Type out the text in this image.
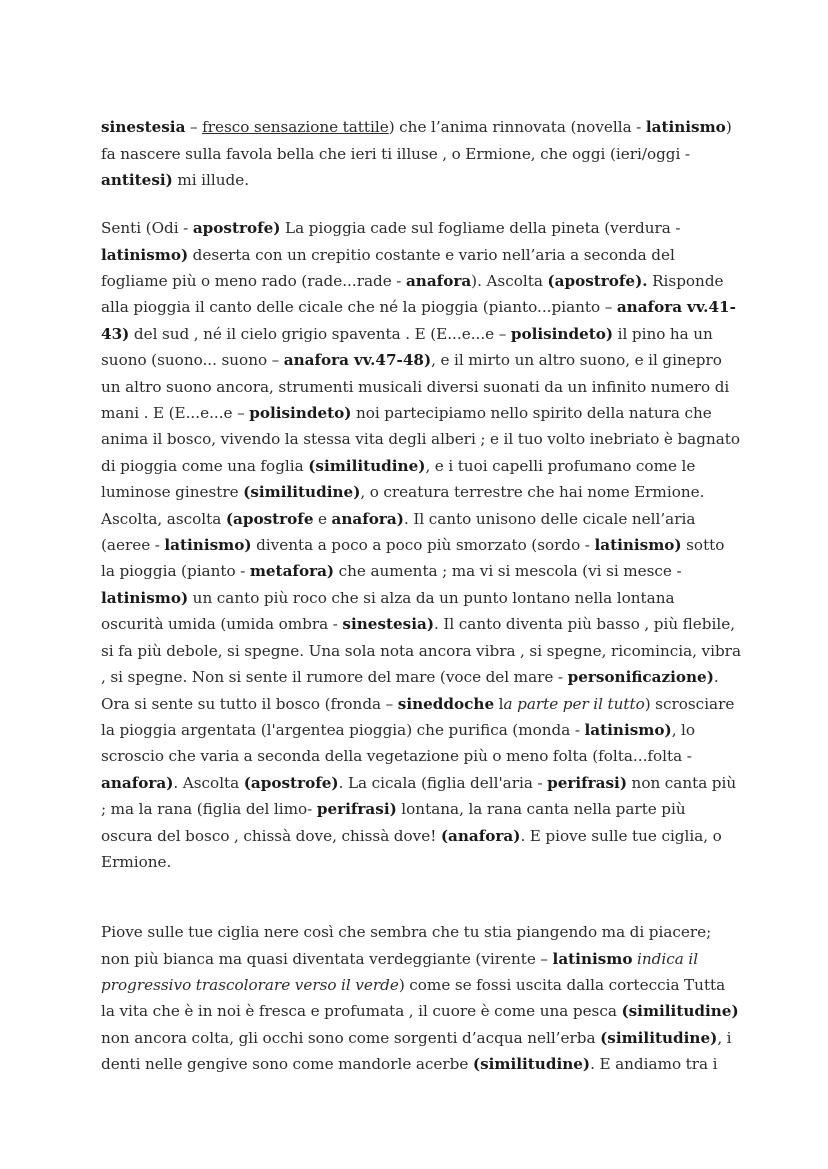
sinestesia – fresco sensazione tattile) che l’anima rinnovata (novella - latinismo) fa nascere sulla favola bella che ieri ti illuse , o Ermione, che oggi (ieri/oggi - antitesi) mi illude.

Senti (Odi - apostrofe) La pioggia cade sul fogliame della pineta (verdura - latinismo) deserta con un crepitio costante e vario nell’aria a seconda del fogliame più o meno rado (rade...rade - anafora). Ascolta (apostrofe). Risponde alla pioggia il canto delle cicale che né la pioggia (pianto...pianto – anafora vv.41- 43) del sud , né il cielo grigio spaventa . E (E...e...e – polisindeto) il pino ha un suono (suono... suono – anafora vv.47-48), e il mirto un altro suono, e il ginepro un altro suono ancora, strumenti musicali diversi suonati da un infinito numero di mani . E (E...e...e – polisindeto) noi partecipiamo nello spirito della natura che anima il bosco, vivendo la stessa vita degli alberi ; e il tuo volto inebriato è bagnato di pioggia come una foglia (similitudine), e i tuoi capelli profumano come le luminose ginestre (similitudine), o creatura terrestre che hai nome Ermione. Ascolta, ascolta (apostrofe e anafora). Il canto unisono delle cicale nell’aria (aeree - latinismo) diventa a poco a poco più smorzato (sordo - latinismo) sotto la pioggia (pianto - metafora) che aumenta ; ma vi si mescola (vi si mesce - latinismo) un canto più roco che si alza da un punto lontano nella lontana oscurità umida (umida ombra - sinestesia). Il canto diventa più basso , più flebile, si fa più debole, si spegne. Una sola nota ancora vibra , si spegne, ricomincia, vibra , si spegne. Non si sente il rumore del mare (voce del mare - personificazione). Ora si sente su tutto il bosco (fronda – sineddoche la parte per il tutto) scrosciare la pioggia argentata (l'argentea pioggia) che purifica (monda - latinismo), lo scroscio che varia a seconda della vegetazione più o meno folta (folta...folta - anafora). Ascolta (apostrofe). La cicala (figlia dell'aria - perifrasi) non canta più ; ma la rana (figlia del limo- perifrasi) lontana, la rana canta nella parte più oscura del bosco , chissà dove, chissà dove! (anafora). E piove sulle tue ciglia, o Ermione.

Piove sulle tue ciglia nere così che sembra che tu stia piangendo ma di piacere; non più bianca ma quasi diventata verdeggiante (virente – latinismo indica il progressivo trascolorare verso il verde) come se fossi uscita dalla corteccia Tutta la vita che è in noi è fresca e profumata , il cuore è come una pesca (similitudine) non ancora colta, gli occhi sono come sorgenti d’acqua nell’erba (similitudine), i denti nelle gengive sono come mandorle acerbe (similitudine). E andiamo tra i
